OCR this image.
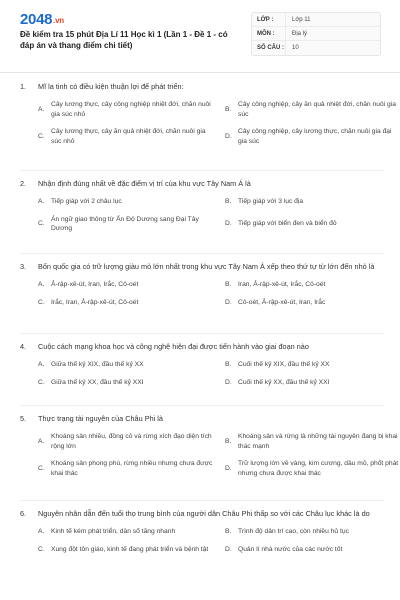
2048.vn
Đề kiểm tra 15 phút Địa Lí 11 Học kì 1 (Lần 1 - Đề 1 - có đáp án và thang điểm chi tiết)
LỚP :	Lớp 11
MÔN :	Địa lý
SỐ CÂU :	10
1.	Mĩ la tinh có điều kiện thuận lợi để phát triển:
A.
Cây lương thực, cây công nghiệp nhiệt đới, chăn nuôi gia súc nhỏ
B.
Cây công nghiệp, cây ăn quả nhiệt đới, chăn nuôi gia súc
C.
Cây lương thực, cây ăn quả nhiệt đới, chăn nuôi gia súc nhỏ
D.
Cây công nghiệp, cây lương thực, chăn nuôi gia đại gia súc
2.	Nhận định đúng nhất về đặc điểm vị trí của khu vực Tây Nam Á là
A. Tiếp giáp với 2 châu lục	B. Tiếp giáp với 3 lục địa
C.
Án ngữ giao thông từ Ấn Độ Dương sang Đại Tây Dương
D. Tiếp giáp với biển đen và biển đỏ
3.	Bốn quốc gia có trữ lượng giàu mỏ lớn nhất trong khu vực Tây Nam Á xếp theo thứ tự từ lớn đến nhỏ là
A. Ả-rập-xê-út, Iran, Irắc, Cô-oét	B. Iran, Ả-rập-xê-út, Irắc, Cô-oét
C. Irắc, Iran, Ả-rập-xê-út, Cô-oét	D. Cô-oét, Ả-rập-xê-út, Iran, Irắc
4.	Cuộc cách mạng khoa học và công nghệ hiện đại được tiến hành vào giai đoạn nào
A. Giữa thế kỷ XIX, đầu thế kỷ XX	B. Cuối thế kỷ XIX, đầu thế kỷ XX
C. Giữa thế kỷ XX, đầu thế kỷ XXI	D. Cuối thế kỷ XX, đầu thế kỷ XXI
5.	Thực trạng tài nguyên của Châu Phi là
A.
Khoáng sản nhiều, đồng cỏ và rừng xích đạo diện tích rộng lớn
B.
Khoáng sản và rừng là những tài nguyên đang bị khai thác mạnh
C.
Khoáng sản phong phú, rừng nhiều nhưng chưa được khai thác
D.
Trữ lượng lớn về vàng, kim cương, dầu mỏ, phốt phát nhưng chưa được khai thác
6.	Nguyên nhân dẫn đến tuổi thọ trung bình của người dân Châu Phi thấp so với các Châu lục khác là do
A. Kinh tế kém phát triển, dân số tăng nhanh	B. Trình độ dân trí cao, còn nhiều hủ tục
C. Xung đột tôn giáo, kinh tế đang phát triển và bệnh tật	D. Quản lí nhà nước của các nước tốt
